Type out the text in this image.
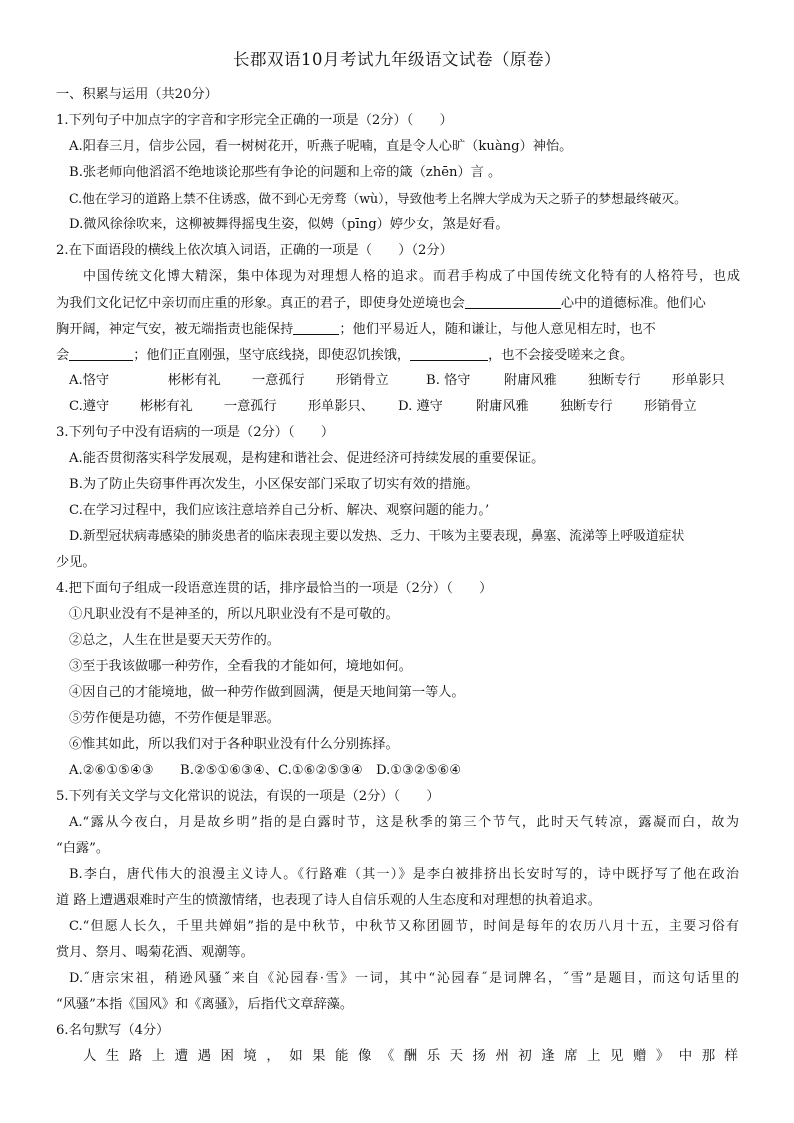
长郡双语10月考试九年级语文试卷（原卷）
一、积累与运用（共20分）
1.下列句子中加点字的字音和字形完全正确的一项是（2分）（　　）
A.阳春三月，信步公园，看一树树花开，听燕子呢喃，直是令人心旷（kuàng）神怡。
B.张老师向他滔滔不绝地谈论那些有争论的问题和上帝的箴（zhēn）言 。
C.他在学习的道路上禁不住诱惑，做不到心无旁骛（wù），导致他考上名牌大学成为天之骄子的梦想最终破灭。
D.微风徐徐吹来，这柳被舞得摇曳生姿，似娉（pīng）婷少女，煞是好看。
2.在下面语段的横线上依次填入词语，正确的一项是（　　）（2分）
中国传统文化博大精深，集中体现为对理想人格的追求。而君手构成了中国传统文化特有的人格符号，也成
为我们文化记忆中亲切而庄重的形象。真正的君子，即使身处逆境也会	心中的道德标准。他们心
胸开阔，神定气安，被无端指责也能保持	；他们平易近人，随和谦让，与他人意见相左时，也不
会	；他们正直刚强，坚守底线挠，即使忍饥挨饿，	，也不会接受嗟来之食。
A.恪守	彬彬有礼 一意孤行 形销骨立	B. 恪守	附庸风雅 独断专行 形单影只
C.遵守 彬彬有礼 一意孤行 形单影只、 D. 遵守	附庸风雅 独断专行 形销骨立
3.下列句子中没有语病的一项是（2分）（　　）
A.能否贯彻落实科学发展观，是构建和谐社会、促进经济可持续发展的重要保证。
B.为了防止失窃事件再次发生，小区保安部门采取了切实有效的措施。
C.在学习过程中，我们应该注意培养自己分析、解决、观察问题的能力。’
D.新型冠状病毒感染的肺炎患者的临床表现主要以发热、乏力、干咳为主要表现，鼻塞、流涕等上呼吸道症状
少见。
4.把下面句子组成一段语意连贯的话，排序最恰当的一项是（2分）（　　）
①凡职业没有不是神圣的，所以凡职业没有不是可敬的。
②总之，人生在世是要天天劳作的。
③至于我该做哪一种劳作，全看我的才能如何，境地如何。
④因自己的才能境地，做一种劳作做到圆满，便是天地间第一等人。
⑤劳作便是功德，不劳作便是罪恶。
⑥惟其如此，所以我们对于各种职业没有什么分别拣择。
A.②⑥①⑤④③　　B.②⑤①⑥③④、C.①⑥②⑤③④　D.①③②⑤⑥④
5.下列有关文学与文化常识的说法，有误的一项是（2分）（　　）
A.“露从今夜白，月是故乡明”指的是白露时节，这是秋季的第三个节气，此时天气转凉，露凝而白，故为
“白露”。
B.李白，唐代伟大的浪漫主义诗人。《行路难（其一）》是李白被排挤出长安时写的，诗中既抒写了他在政治
道 路上遭遇艰难时产生的愤激情绪，也表现了诗人自信乐观的人生态度和对理想的执着追求。
C.“但愿人长久，千里共婵娟”指的是中秋节，中秋节又称团圆节，时间是每年的农历八月十五，主要习俗有
赏月、祭月、喝菊花酒、观潮等。
D.˝唐宗宋祖，稍逊风骚˝来自《沁园春·雪》一词，其中“沁园春˝是词牌名，˝雪”是题目，而这句话里的
“风骚”本指《国风》和《离骚》，后指代文章辞藻。
6.名句默写（4分）
人生路上遭遇困境，如果能像《酬乐天扬州初逢席上见赠》中那样
